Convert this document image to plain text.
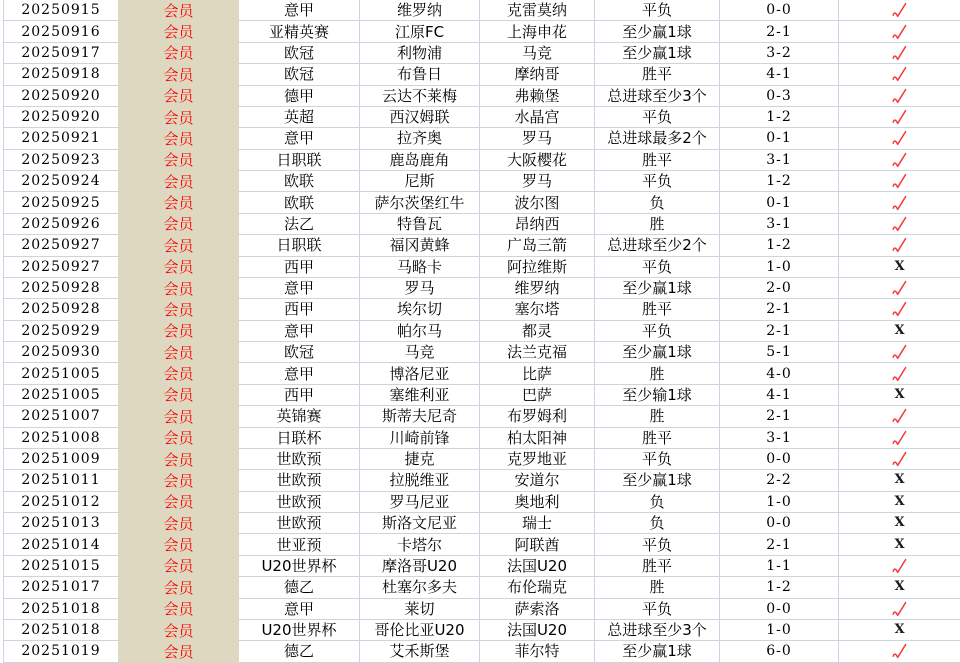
20250915	会员	意甲	维罗纳	克雷莫纳	平负	0-0
20250916	会员	亚精英赛	江原FC	上海申花	至少赢1球	2-1
20250917	会员	欧冠	利物浦	马竞	至少赢1球	3-2
20250918	会员	欧冠	布鲁日	摩纳哥	胜平	4-1
20250920	会员	德甲	云达不莱梅	弗赖堡	总进球至少3个	0-3
20250920	会员	英超	西汉姆联	水晶宫	平负	1-2
20250921	会员	意甲	拉齐奥	罗马	总进球最多2个	0-1
20250923	会员	日职联	鹿岛鹿角	大阪樱花	胜平	3-1
20250924	会员	欧联	尼斯	罗马	平负	1-2
20250925	会员	欧联	萨尔茨堡红牛	波尔图	负	0-1
20250926	会员	法乙	特鲁瓦	昂纳西	胜	3-1
20250927	会员	日职联	福冈黄蜂	广岛三箭	总进球至少2个	1-2
20250927	会员	西甲	马略卡	阿拉维斯	平负	1-0	X
20250928	会员	意甲	罗马	维罗纳	至少赢1球	2-0
20250928	会员	西甲	埃尔切	塞尔塔	胜平	2-1
20250929	会员	意甲	帕尔马	都灵	平负	2-1	X
20250930	会员	欧冠	马竞	法兰克福	至少赢1球	5-1
20251005	会员	意甲	博洛尼亚	比萨	胜	4-0
20251005	会员	西甲	塞维利亚	巴萨	至少输1球	4-1	X
20251007	会员	英锦赛	斯蒂夫尼奇	布罗姆利	胜	2-1
20251008	会员	日联杯	川崎前锋	柏太阳神	胜平	3-1
20251009	会员	世欧预	捷克	克罗地亚	平负	0-0
20251011	会员	世欧预	拉脱维亚	安道尔	至少赢1球	2-2	X
20251012	会员	世欧预	罗马尼亚	奥地利	负	1-0	X
20251013	会员	世欧预	斯洛文尼亚	瑞士	负	0-0	X
20251014	会员	世亚预	卡塔尔	阿联酋	平负	2-1	X
20251015	会员	U20世界杯	摩洛哥U20	法国U20	胜平	1-1
20251017	会员	德乙	杜塞尔多夫	布伦瑞克	胜	1-2	X
20251018	会员	意甲	莱切	萨索洛	平负	0-0
20251018	会员	U20世界杯	哥伦比亚U20	法国U20	总进球至少3个	1-0	X
20251019	会员	德乙	艾禾斯堡	菲尔特	至少赢1球	6-0
